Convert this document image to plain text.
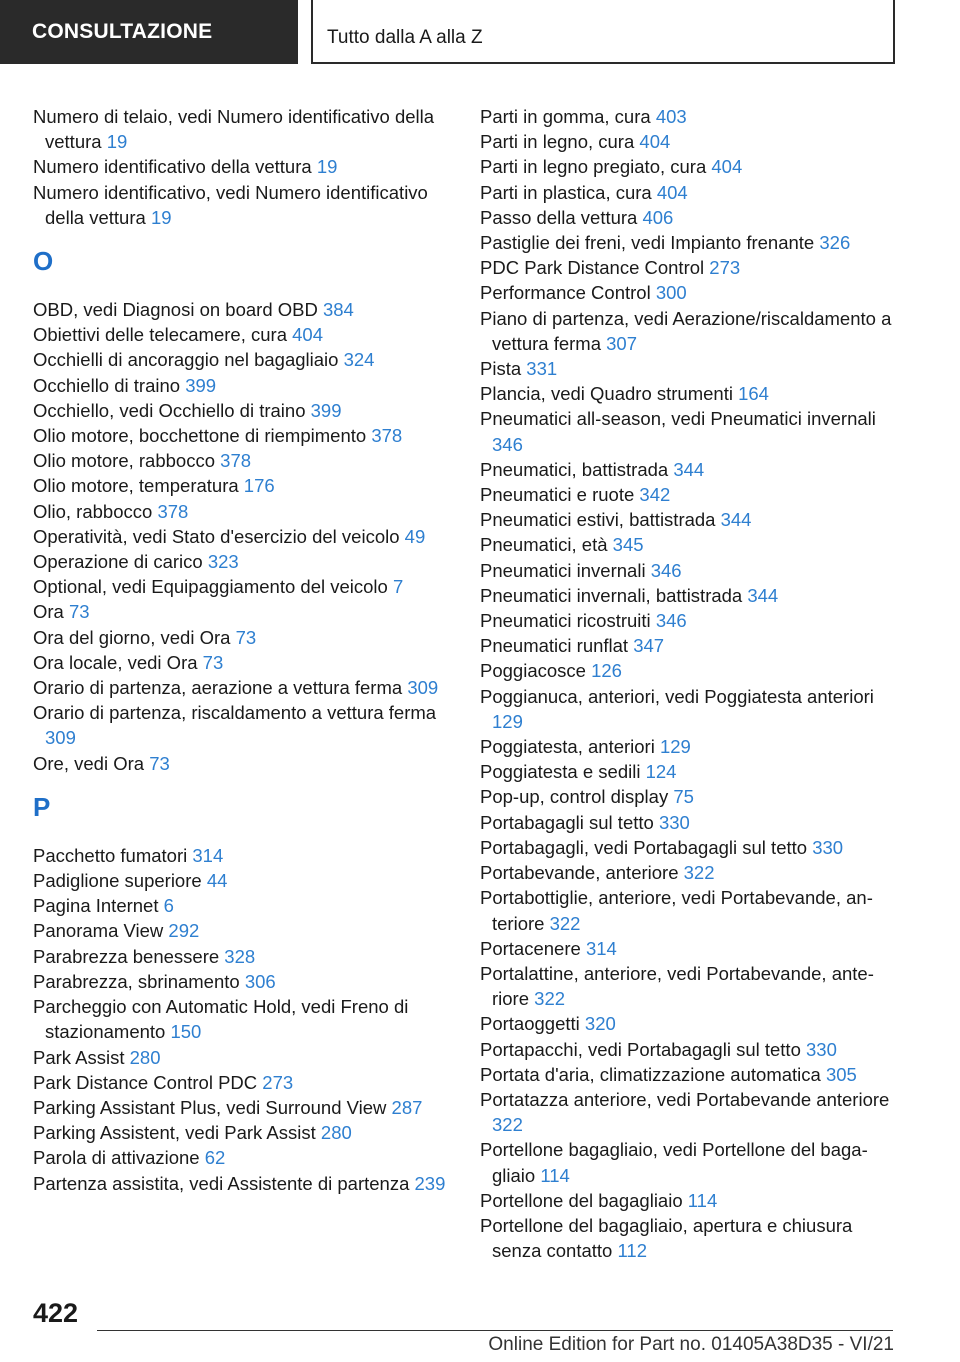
CONSULTAZIONE	Tutto dalla A alla Z
Numero di telaio, vedi Numero identificativo della vettura 19
Numero identificativo della vettura 19
Numero identificativo, vedi Numero identificativo della vettura 19
O
OBD, vedi Diagnosi on board OBD 384
Obiettivi delle telecamere, cura 404
Occhielli di ancoraggio nel bagagliaio 324
Occhiello di traino 399
Occhiello, vedi Occhiello di traino 399
Olio motore, bocchettone di riempimento 378
Olio motore, rabbocco 378
Olio motore, temperatura 176
Olio, rabbocco 378
Operatività, vedi Stato d'esercizio del veicolo 49
Operazione di carico 323
Optional, vedi Equipaggiamento del veicolo 7
Ora 73
Ora del giorno, vedi Ora 73
Ora locale, vedi Ora 73
Orario di partenza, aerazione a vettura ferma 309
Orario di partenza, riscaldamento a vettura ferma 309
Ore, vedi Ora 73
P
Pacchetto fumatori 314
Padiglione superiore 44
Pagina Internet 6
Panorama View 292
Parabrezza benessere 328
Parabrezza, sbrinamento 306
Parcheggio con Automatic Hold, vedi Freno di stazionamento 150
Park Assist 280
Park Distance Control PDC 273
Parking Assistant Plus, vedi Surround View 287
Parking Assistent, vedi Park Assist 280
Parola di attivazione 62
Partenza assistita, vedi Assistente di partenza 239
Parti in gomma, cura 403
Parti in legno, cura 404
Parti in legno pregiato, cura 404
Parti in plastica, cura 404
Passo della vettura 406
Pastiglie dei freni, vedi Impianto frenante 326
PDC Park Distance Control 273
Performance Control 300
Piano di partenza, vedi Aerazione/riscaldamento a vettura ferma 307
Pista 331
Plancia, vedi Quadro strumenti 164
Pneumatici all-season, vedi Pneumatici invernali 346
Pneumatici, battistrada 344
Pneumatici e ruote 342
Pneumatici estivi, battistrada 344
Pneumatici, età 345
Pneumatici invernali 346
Pneumatici invernali, battistrada 344
Pneumatici ricostruiti 346
Pneumatici runflat 347
Poggiacosce 126
Poggianuca, anteriori, vedi Poggiatesta anteriori 129
Poggiatesta, anteriori 129
Poggiatesta e sedili 124
Pop-up, control display 75
Portabagagli sul tetto 330
Portabagagli, vedi Portabagagli sul tetto 330
Portabevande, anteriore 322
Portabottiglie, anteriore, vedi Portabevande, anteriore 322
Portacenere 314
Portalattine, anteriore, vedi Portabevande, anteriore 322
Portaoggetti 320
Portapacchi, vedi Portabagagli sul tetto 330
Portata d'aria, climatizzazione automatica 305
Portatazza anteriore, vedi Portabevande anteriore 322
Portellone bagagliaio, vedi Portellone del bagagliaio 114
Portellone del bagagliaio 114
Portellone del bagagliaio, apertura e chiusura senza contatto 112
422
Online Edition for Part no. 01405A38D35 - VI/21
